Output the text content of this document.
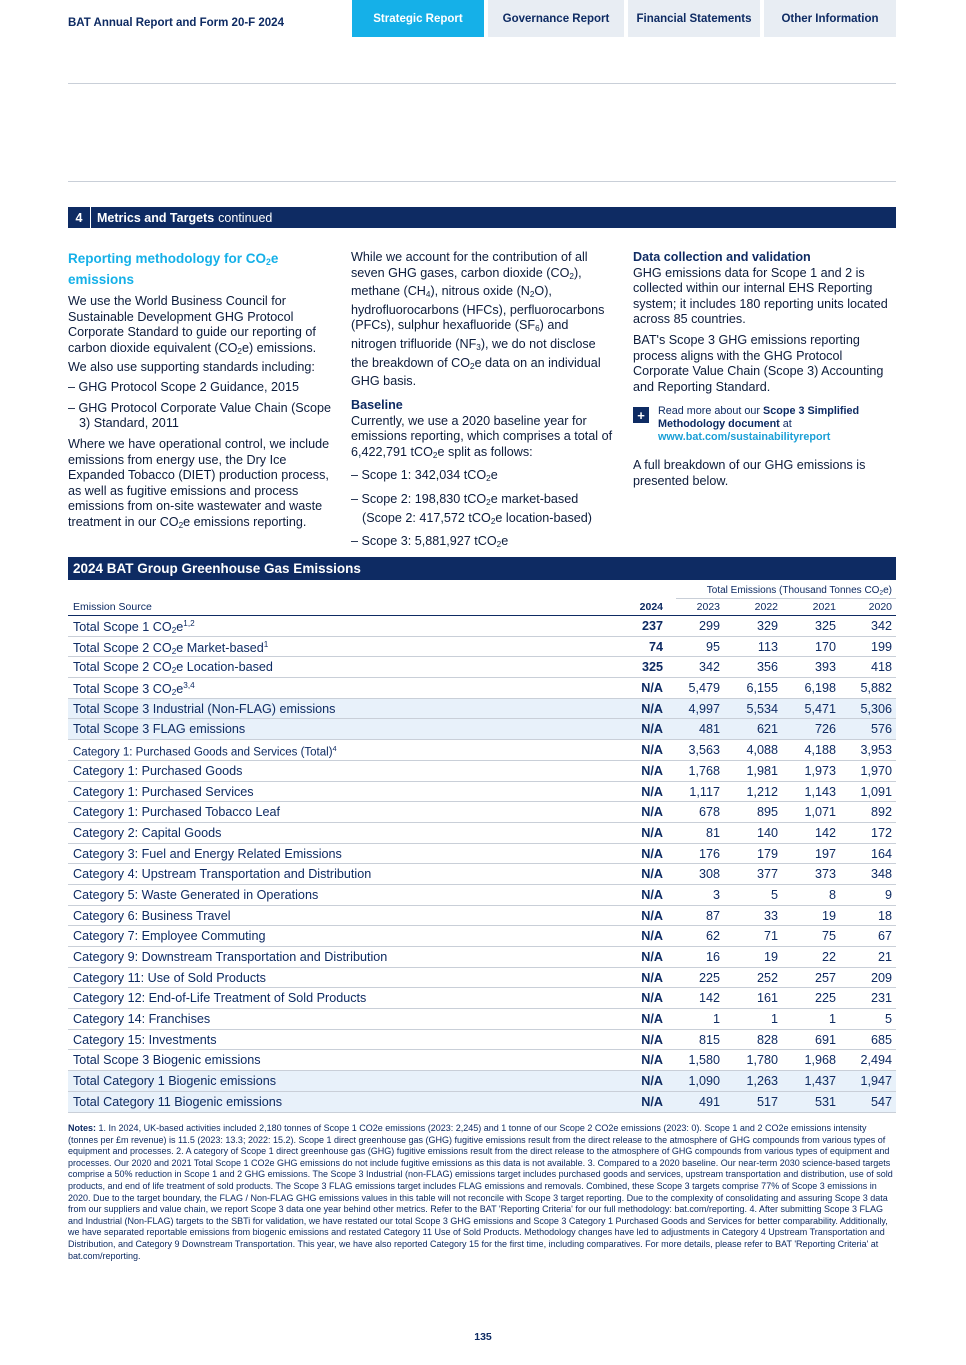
BAT Annual Report and Form 20-F 2024	Strategic Report	Governance Report	Financial Statements	Other Information
4	Metrics and Targets continued

Reporting methodology for $CO_2e$ emissions

We use the World Business Council for Sustainable Development GHG Protocol Corporate Standard to guide our reporting of carbon dioxide equivalent $(CO_2e)$ emissions. We also use supporting standards including:

– GHG Protocol Scope 2 Guidance, 2015

– GHG Protocol Corporate Value Chain (Scope 3) Standard, 2011

Where we have operational control, we include emissions from energy use, the Dry Ice Expanded Tobacco (DIET) production process, as well as fugitive emissions and process emissions from on-site wastewater and waste treatment in our $CO_2e$ emissions reporting.

While we account for the contribution of all seven GHG gases, carbon dioxide $(CO_2)$, methane $(CH_4)$, nitrous oxide $(N_2O)$, hydrofluorocarbons (HFCs), perfluorocarbons (PFCs), sulphur hexafluoride $(SF_6)$ and nitrogen trifluoride $(NF_3)$, we do not disclose the breakdown of $CO_2e$ data on an individual GHG basis.

Baseline

Currently, we use a 2020 baseline year for emissions reporting, which comprises a total of 6,422,791 tCO$_2$e split as follows:

– Scope 1: 342,034 tCO$_2$e

– Scope 2: 198,830 tCO$_2$e market-based (Scope 2: 417,572 tCO$_2$e location-based)

– Scope 3: 5,881,927 tCO$_2$e

Data collection and validation

GHG emissions data for Scope 1 and 2 is collected within our internal EHS Reporting system; it includes 180 reporting units located across 85 countries.

BAT's Scope 3 GHG emissions reporting process aligns with the GHG Protocol Corporate Value Chain (Scope 3) Accounting and Reporting Standard.

+	Read more about our Scope 3 Simplified Methodology document at
www.bat.com/sustainabilityreport

A full breakdown of our GHG emissions is presented below.

2024 BAT Group Greenhouse Gas Emissions
Total Emissions (Thousand Tonnes $CO_2e$)
Emission Source	2024	2023	2022	2021	2020
Total Scope 1 $CO_2e^{1,2}$	237	299	329	325	342
Total Scope 2 $CO_2e$ Market-based$^1$	74	95	113	170	199
Total Scope 2 $CO_2e$ Location-based	325	342	356	393	418
Total Scope 3 $CO_2e^{3,4}$	N/A 5,479 6,155 6,198 5,882
Total Scope 3 Industrial (Non-FLAG) emissions	N/A 4,997 5,534 5,471 5,306
Total Scope 3 FLAG emissions	N/A	481	621	726	576
Category 1: Purchased Goods and Services (Total)$^4$	N/A 3,563 4,088 4,188 3,953
Category 1: Purchased Goods	N/A 1,768 1,981 1,973 1,970
Category 1: Purchased Services	N/A 1,117 1,212 1,143 1,091
Category 1: Purchased Tobacco Leaf	N/A	678	895 1,071	892
Category 2: Capital Goods	N/A	81	140	142	172
Category 3: Fuel and Energy Related Emissions	N/A	176	179	197	164
Category 4: Upstream Transportation and Distribution	N/A	308	377	373	348
Category 5: Waste Generated in Operations	N/A	3	5	8	9
Category 6: Business Travel	N/A	87	33	19	18
Category 7: Employee Commuting	N/A	62	71	75	67
Category 9: Downstream Transportation and Distribution	N/A	16	19	22	21
Category 11: Use of Sold Products	N/A	225	252	257	209
Category 12: End-of-Life Treatment of Sold Products	N/A	142	161	225	231
Category 14: Franchises	N/A	1	1	1	5
Category 15: Investments	N/A	815	828	691	685
Total Scope 3 Biogenic emissions	N/A 1,580 1,780 1,968 2,494
Total Category 1 Biogenic emissions	N/A 1,090 1,263 1,437 1,947
Total Category 11 Biogenic emissions	N/A	491	517	531	547
Notes: 1. In 2024, UK-based activities included 2,180 tonnes of Scope 1 CO2e emissions (2023: 2,245) and 1 tonne of our Scope 2 CO2e emissions (2023: 0). Scope 1 and 2 CO2e emissions intensity (tonnes per £m revenue) is 11.5 (2023: 13.3; 2022: 15.2). Scope 1 direct greenhouse gas (GHG) fugitive emissions result from the direct release to the atmosphere of GHG compounds from various types of equipment and processes. 2. A category of Scope 1 direct greenhouse gas (GHG) fugitive emissions result from the direct release to the atmosphere of GHG compounds from various types of equipment and processes. Our 2020 and 2021 Total Scope 1 CO2e GHG emissions do not include fugitive emissions as this data is not available. 3. Compared to a 2020 baseline. Our near-term 2030 science-based targets comprise a 50% reduction in Scope 1 and 2 GHG emissions. The Scope 3 Industrial (non-FLAG) emissions target includes purchased goods and services, upstream transportation and distribution, use of sold products, and end of life treatment of sold products. The Scope 3 FLAG emissions target includes FLAG emissions and removals. Combined, these Scope 3 targets comprise 77% of Scope 3 emissions in 2020. Due to the target boundary, the FLAG / Non-FLAG GHG emissions values in this table will not reconcile with Scope 3 target reporting. Due to the complexity of consolidating and assuring Scope 3 data from our suppliers and value chain, we report Scope 3 data one year behind other metrics. Refer to the BAT 'Reporting Criteria' for our full methodology: bat.com/reporting. 4. After submitting Scope 3 FLAG and Industrial (Non-FLAG) targets to the SBTi for validation, we have restated our total Scope 3 GHG emissions and Scope 3 Category 1 Purchased Goods and Services for better comparability. Additionally, we have separated reportable emissions from biogenic emissions and restated Category 11 Use of Sold Products. Methodology changes have led to adjustments in Category 4 Upstream Transportation and Distribution, and Category 9 Downstream Transportation. This year, we have also reported Category 15 for the first time, including comparatives. For more details, please refer to BAT 'Reporting Criteria' at bat.com/reporting.
135
